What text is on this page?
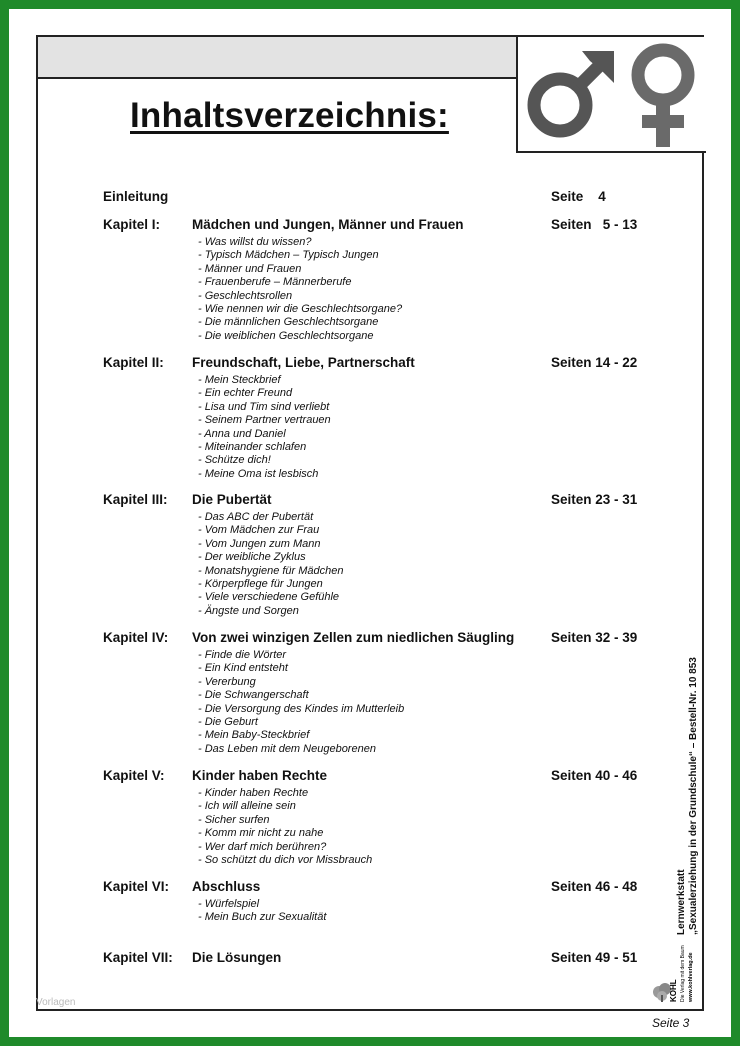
Inhaltsverzeichnis:
Einleitung	Seite    4
Kapitel I: Mädchen und Jungen, Männer und Frauen	Seiten   5 - 13
- Was willst du wissen?
- Typisch Mädchen – Typisch Jungen
- Männer und Frauen
- Frauenberufe – Männerberufe
- Geschlechtsrollen
- Wie nennen wir die Geschlechtsorgane?
- Die männlichen Geschlechtsorgane
- Die weiblichen Geschlechtsorgane
Kapitel II: Freundschaft, Liebe, Partnerschaft	Seiten 14 - 22
- Mein Steckbrief
- Ein echter Freund
- Lisa und Tim sind verliebt
- Seinem Partner vertrauen
- Anna und Daniel
- Miteinander schlafen
- Schütze dich!
- Meine Oma ist lesbisch
Kapitel III: Die Pubertät	Seiten 23 - 31
- Das ABC der Pubertät
- Vom Mädchen zur Frau
- Vom Jungen zum Mann
- Der weibliche Zyklus
- Monatshygiene für Mädchen
- Körperpflege für Jungen
- Viele verschiedene Gefühle
- Ängste und Sorgen
Kapitel IV: Von zwei winzigen Zellen zum niedlichen Säugling	Seiten 32 - 39
- Finde die Wörter
- Ein Kind entsteht
- Vererbung
- Die Schwangerschaft
- Die Versorgung des Kindes im Mutterleib
- Die Geburt
- Mein Baby-Steckbrief
- Das Leben mit dem Neugeborenen
Kapitel V: Kinder haben Rechte	Seiten 40 - 46
- Kinder haben Rechte
- Ich will alleine sein
- Sicher surfen
- Komm mir nicht zu nahe
- Wer darf mich berühren?
- So schützt du dich vor Missbrauch
Kapitel VI: Abschluss	Seiten 46 - 48
- Würfelspiel
- Mein Buch zur Sexualität
Kapitel VII: Die Lösungen	Seiten 49 - 51
Lernwerkstatt „Sexualerziehung in der Grundschule“ – Bestell-Nr. 10 853
KOHL Die Verlag mit dem Baum www.kohlverlag.de
Vorlagen
Seite 3
